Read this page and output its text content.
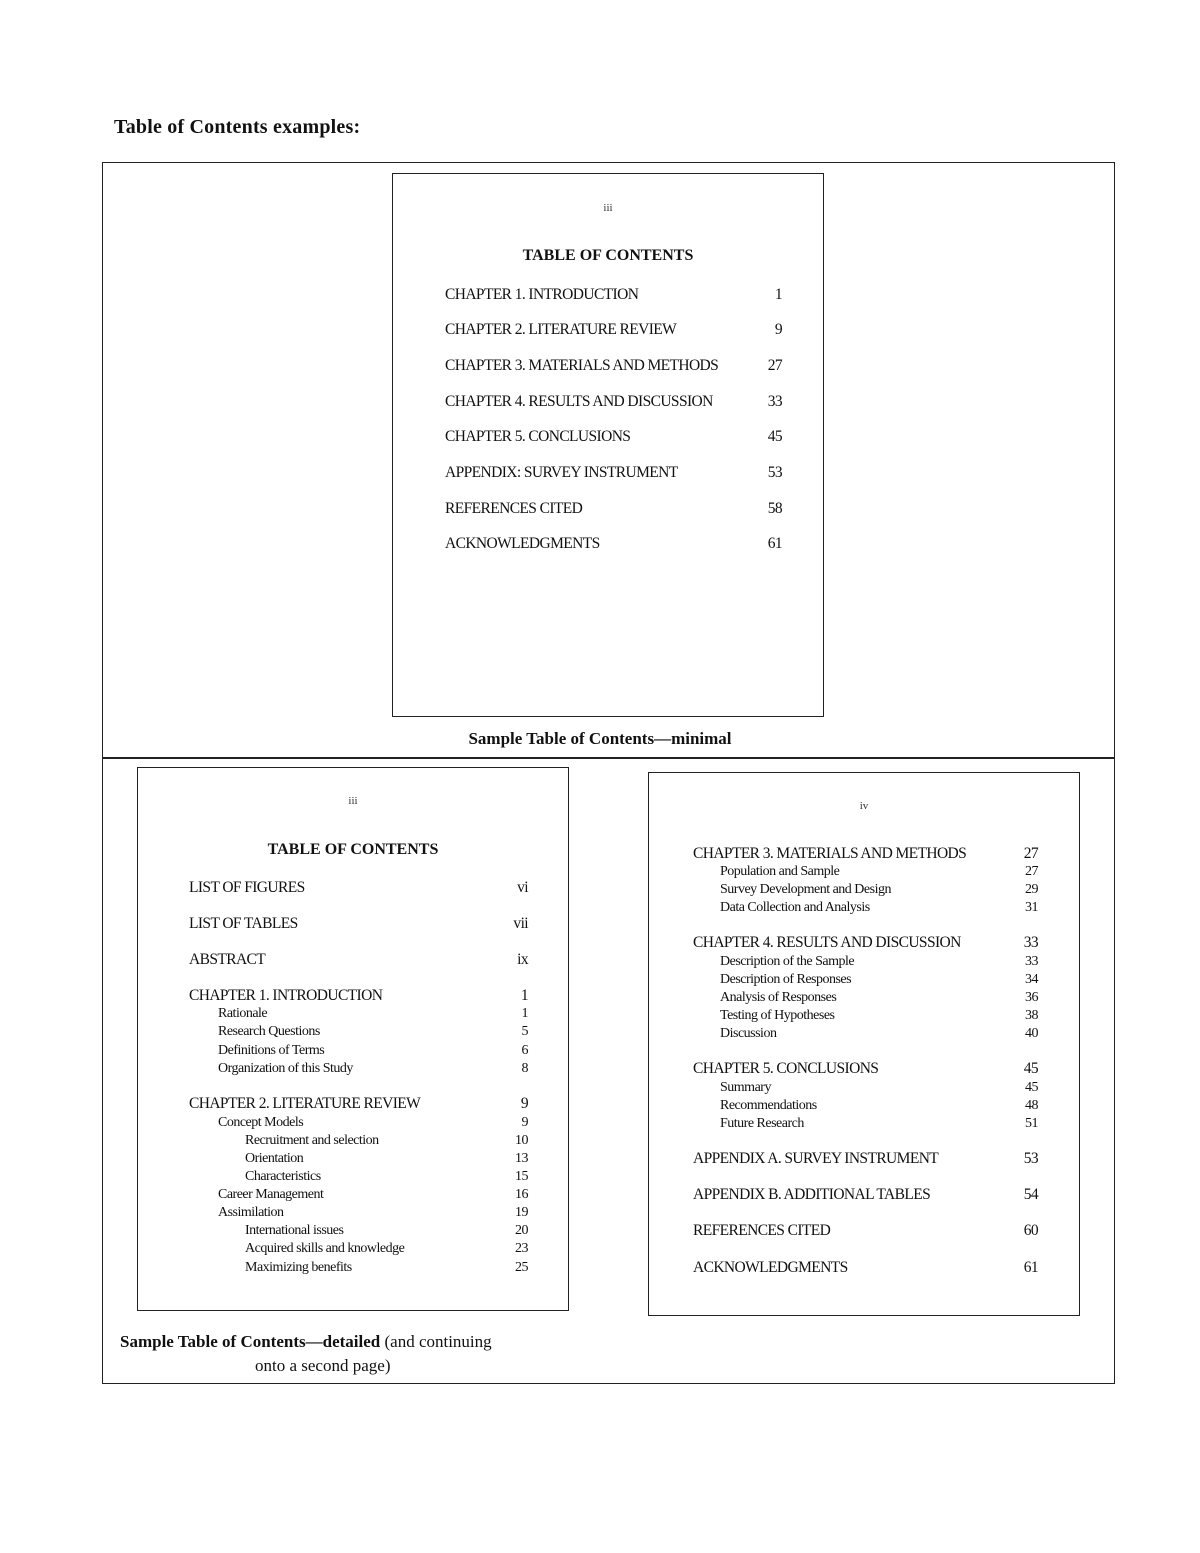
Table of Contents examples:
iii
TABLE OF CONTENTS
CHAPTER 1. INTRODUCTION	1
CHAPTER 2. LITERATURE REVIEW	9
CHAPTER 3. MATERIALS AND METHODS	27
CHAPTER 4. RESULTS AND DISCUSSION	33
CHAPTER 5. CONCLUSIONS	45
APPENDIX: SURVEY INSTRUMENT	53
REFERENCES CITED	58
ACKNOWLEDGMENTS	61
Sample Table of Contents—minimal
iii
TABLE OF CONTENTS
LIST OF FIGURES	vi
LIST OF TABLES	vii
ABSTRACT	ix
CHAPTER 1. INTRODUCTION	1
Rationale	1
Research Questions	5
Definitions of Terms	6
Organization of this Study	8
CHAPTER 2. LITERATURE REVIEW	9
Concept Models	9
Recruitment and selection	10
Orientation	13
Characteristics	15
Career Management	16
Assimilation	19
International issues	20
Acquired skills and knowledge	23
Maximizing benefits	25
iv
CHAPTER 3. MATERIALS AND METHODS	27
Population and Sample	27
Survey Development and Design	29
Data Collection and Analysis	31
CHAPTER 4. RESULTS AND DISCUSSION	33
Description of the Sample	33
Description of Responses	34
Analysis of Responses	36
Testing of Hypotheses	38
Discussion	40
CHAPTER 5. CONCLUSIONS	45
Summary	45
Recommendations	48
Future Research	51
APPENDIX A. SURVEY INSTRUMENT	53
APPENDIX B. ADDITIONAL TABLES	54
REFERENCES CITED	60
ACKNOWLEDGMENTS	61
Sample Table of Contents—detailed (and continuing
onto a second page)
